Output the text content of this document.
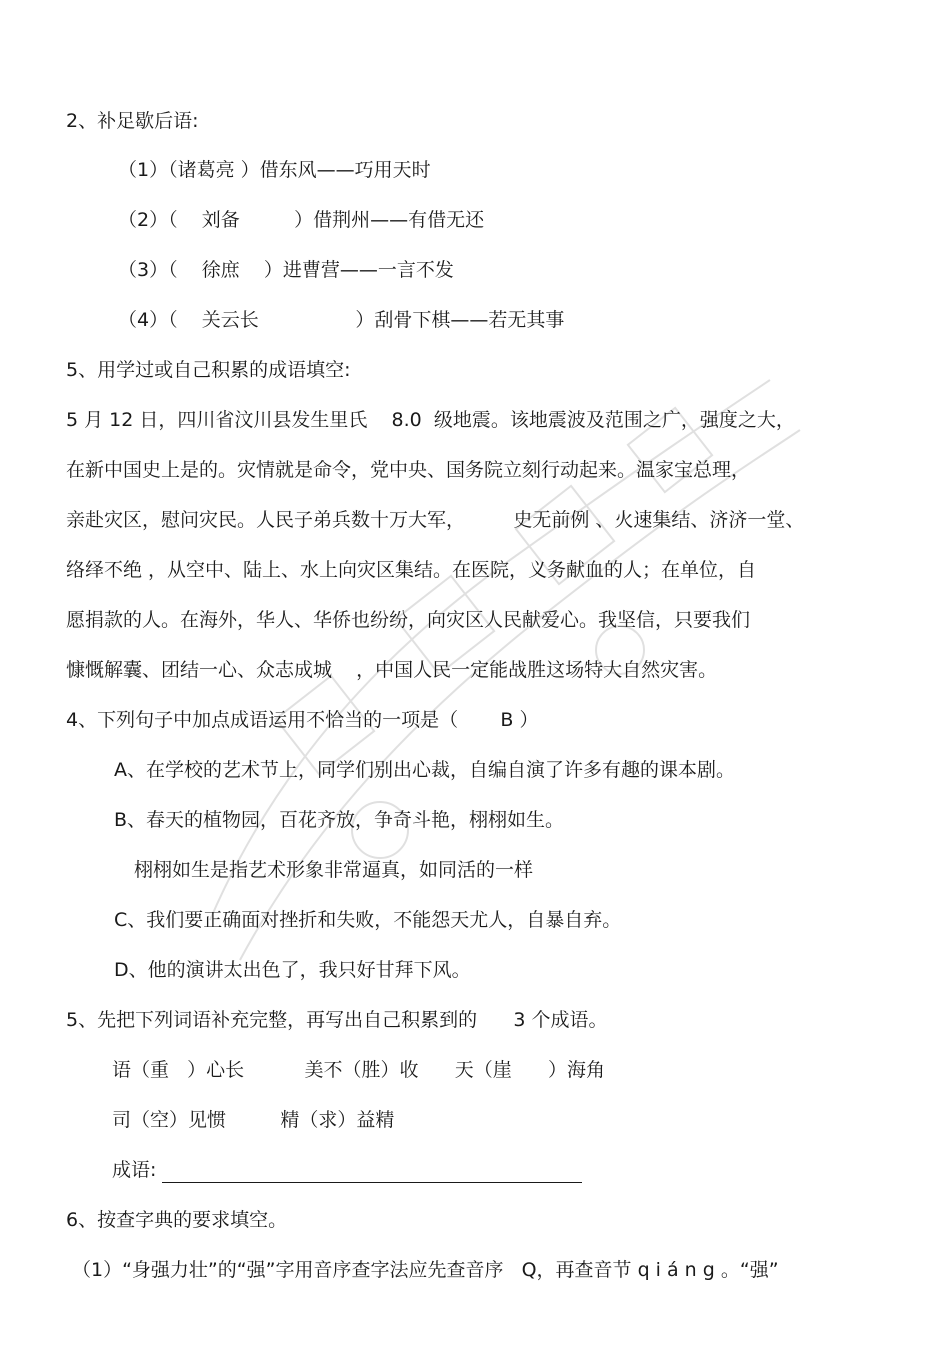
2、补足歇后语:
（1）（诸葛亮 ）借东风——巧用天时
（2）（    刘备         ）借荆州——有借无还
（3）（    徐庶    ）进曹营——一言不发
（4）（    关云长                ）刮骨下棋——若无其事
5、用学过或自己积累的成语填空:
5 月 12 日，四川省汶川县发生里氏    8.0  级地震。该地震波及范围之广，强度之大，
在新中国史上是的。灾情就是命令，党中央、国务院立刻行动起来。温家宝总理，
亲赴灾区，慰问灾民。人民子弟兵数十万大军，        史无前例 、火速集结、济济一堂、
络绎不绝 ，从空中、陆上、水上向灾区集结。在医院，义务献血的人；在单位，自
愿捐款的人。在海外，华人、华侨也纷纷，向灾区人民献爱心。我坚信，只要我们
慷慨解囊、团结一心、众志成城    ，中国人民一定能战胜这场特大自然灾害。
4、下列句子中加点成语运用不恰当的一项是（       B ）
A、在学校的艺术节上，同学们别出心裁，自编自演了许多有趣的课本剧。
B、春天的植物园，百花齐放，争奇斗艳，栩栩如生。
栩栩如生是指艺术形象非常逼真，如同活的一样
C、我们要正确面对挫折和失败，不能怨天尤人，自暴自弃。
D、他的演讲太出色了，我只好甘拜下风。
5、先把下列词语补充完整，再写出自己积累到的      3 个成语。
语（重   ）心长          美不（胜）收      天（崖      ）海角
司（空）见惯         精（求）益精
成语:
6、按查字典的要求填空。
（1）“身强力壮”的“强”字用音序查字法应先查音序   Q，再查音节 q i á n g 。“强”
